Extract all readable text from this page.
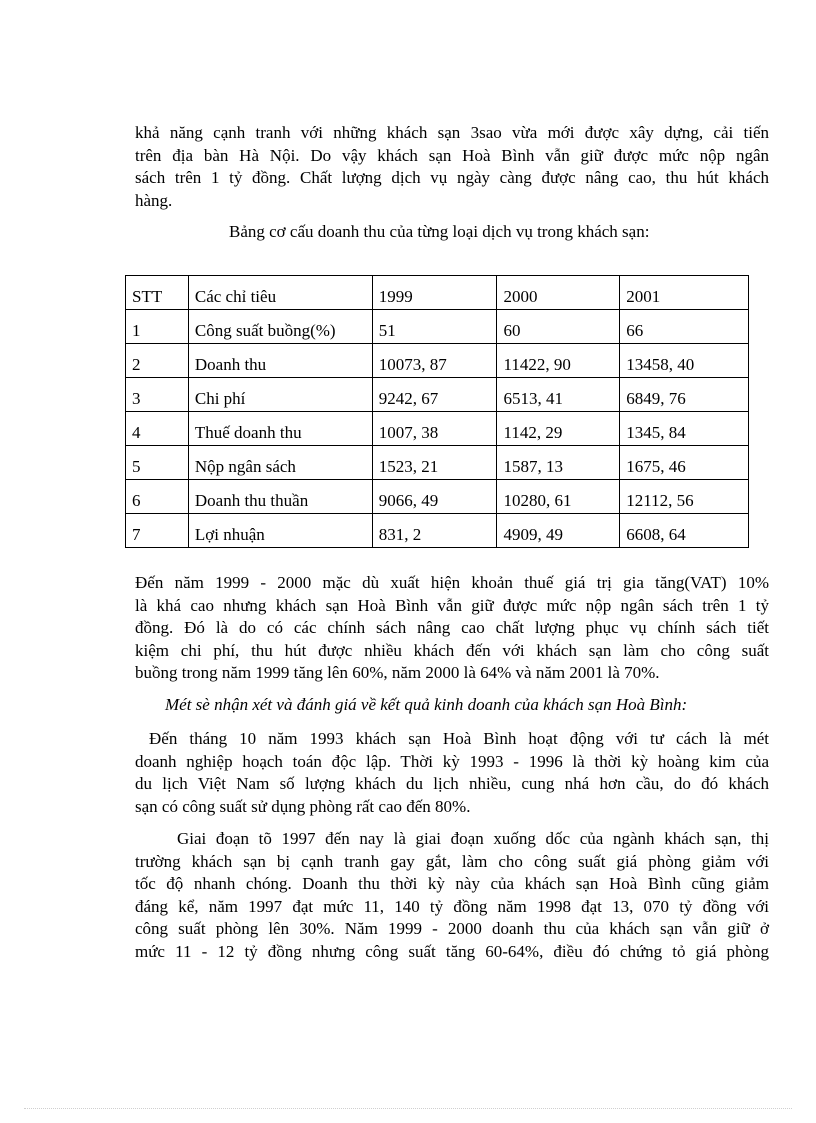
khả năng cạnh tranh với những khách sạn 3sao vừa mới được xây dựng, cải tiến
trên địa bàn Hà Nội. Do vậy khách sạn Hoà Bình vẫn giữ được mức nộp ngân
sách trên 1 tỷ đồng. Chất lượng dịch vụ ngày càng được nâng cao, thu hút khách
hàng.

Bảng cơ cấu doanh thu của từng loại dịch vụ trong khách sạn:

STT	Các chỉ tiêu	1999	2000	2001
1	Công suất buồng(%)	51	60	66
2	Doanh thu	10073, 87	11422, 90	13458, 40
3	Chi phí	9242, 67	6513, 41	6849, 76
4	Thuế doanh thu	1007, 38	1142, 29	1345, 84
5	Nộp ngân sách	1523, 21	1587, 13	1675, 46
6	Doanh thu thuần	9066, 49	10280, 61	12112, 56
7	Lợi nhuận	831, 2	4909, 49	6608, 64
Đến năm 1999 - 2000 mặc dù xuất hiện khoản thuế giá trị gia tăng(VAT) 10%
là khá cao nhưng khách sạn Hoà Bình vẫn giữ được mức nộp ngân sách trên 1 tỷ
đồng. Đó là do có các chính sách nâng cao chất lượng phục vụ chính sách tiết
kiệm chi phí, thu hút được nhiều khách đến với khách sạn làm cho công suất
buồng trong năm 1999 tăng lên 60%, năm 2000 là 64% và năm 2001 là 70%.

Mét sè nhận xét và đánh giá về kết quả kinh doanh của khách sạn Hoà Bình:

Đến tháng 10 năm 1993 khách sạn Hoà Bình hoạt động với tư cách là mét
doanh nghiệp hoạch toán độc lập. Thời kỳ 1993 - 1996 là thời kỳ hoàng kim của
du lịch Việt Nam số lượng khách du lịch nhiều, cung nhá hơn cầu, do đó khách
sạn có công suất sử dụng phòng rất cao đến 80%.
Giai đoạn tõ 1997 đến nay là giai đoạn xuống dốc của ngành khách sạn, thị
trường khách sạn bị cạnh tranh gay gắt, làm cho công suất giá phòng giảm với
tốc độ nhanh chóng. Doanh thu thời kỳ này của khách sạn Hoà Bình cũng giảm
đáng kể, năm 1997 đạt mức 11, 140 tỷ đồng năm 1998 đạt 13, 070 tỷ đồng với
công suất phòng lên 30%. Năm 1999 - 2000 doanh thu của khách sạn vẫn giữ ở
mức 11 - 12 tỷ đồng nhưng công suất tăng 60-64%, điều đó chứng tỏ giá phòng
